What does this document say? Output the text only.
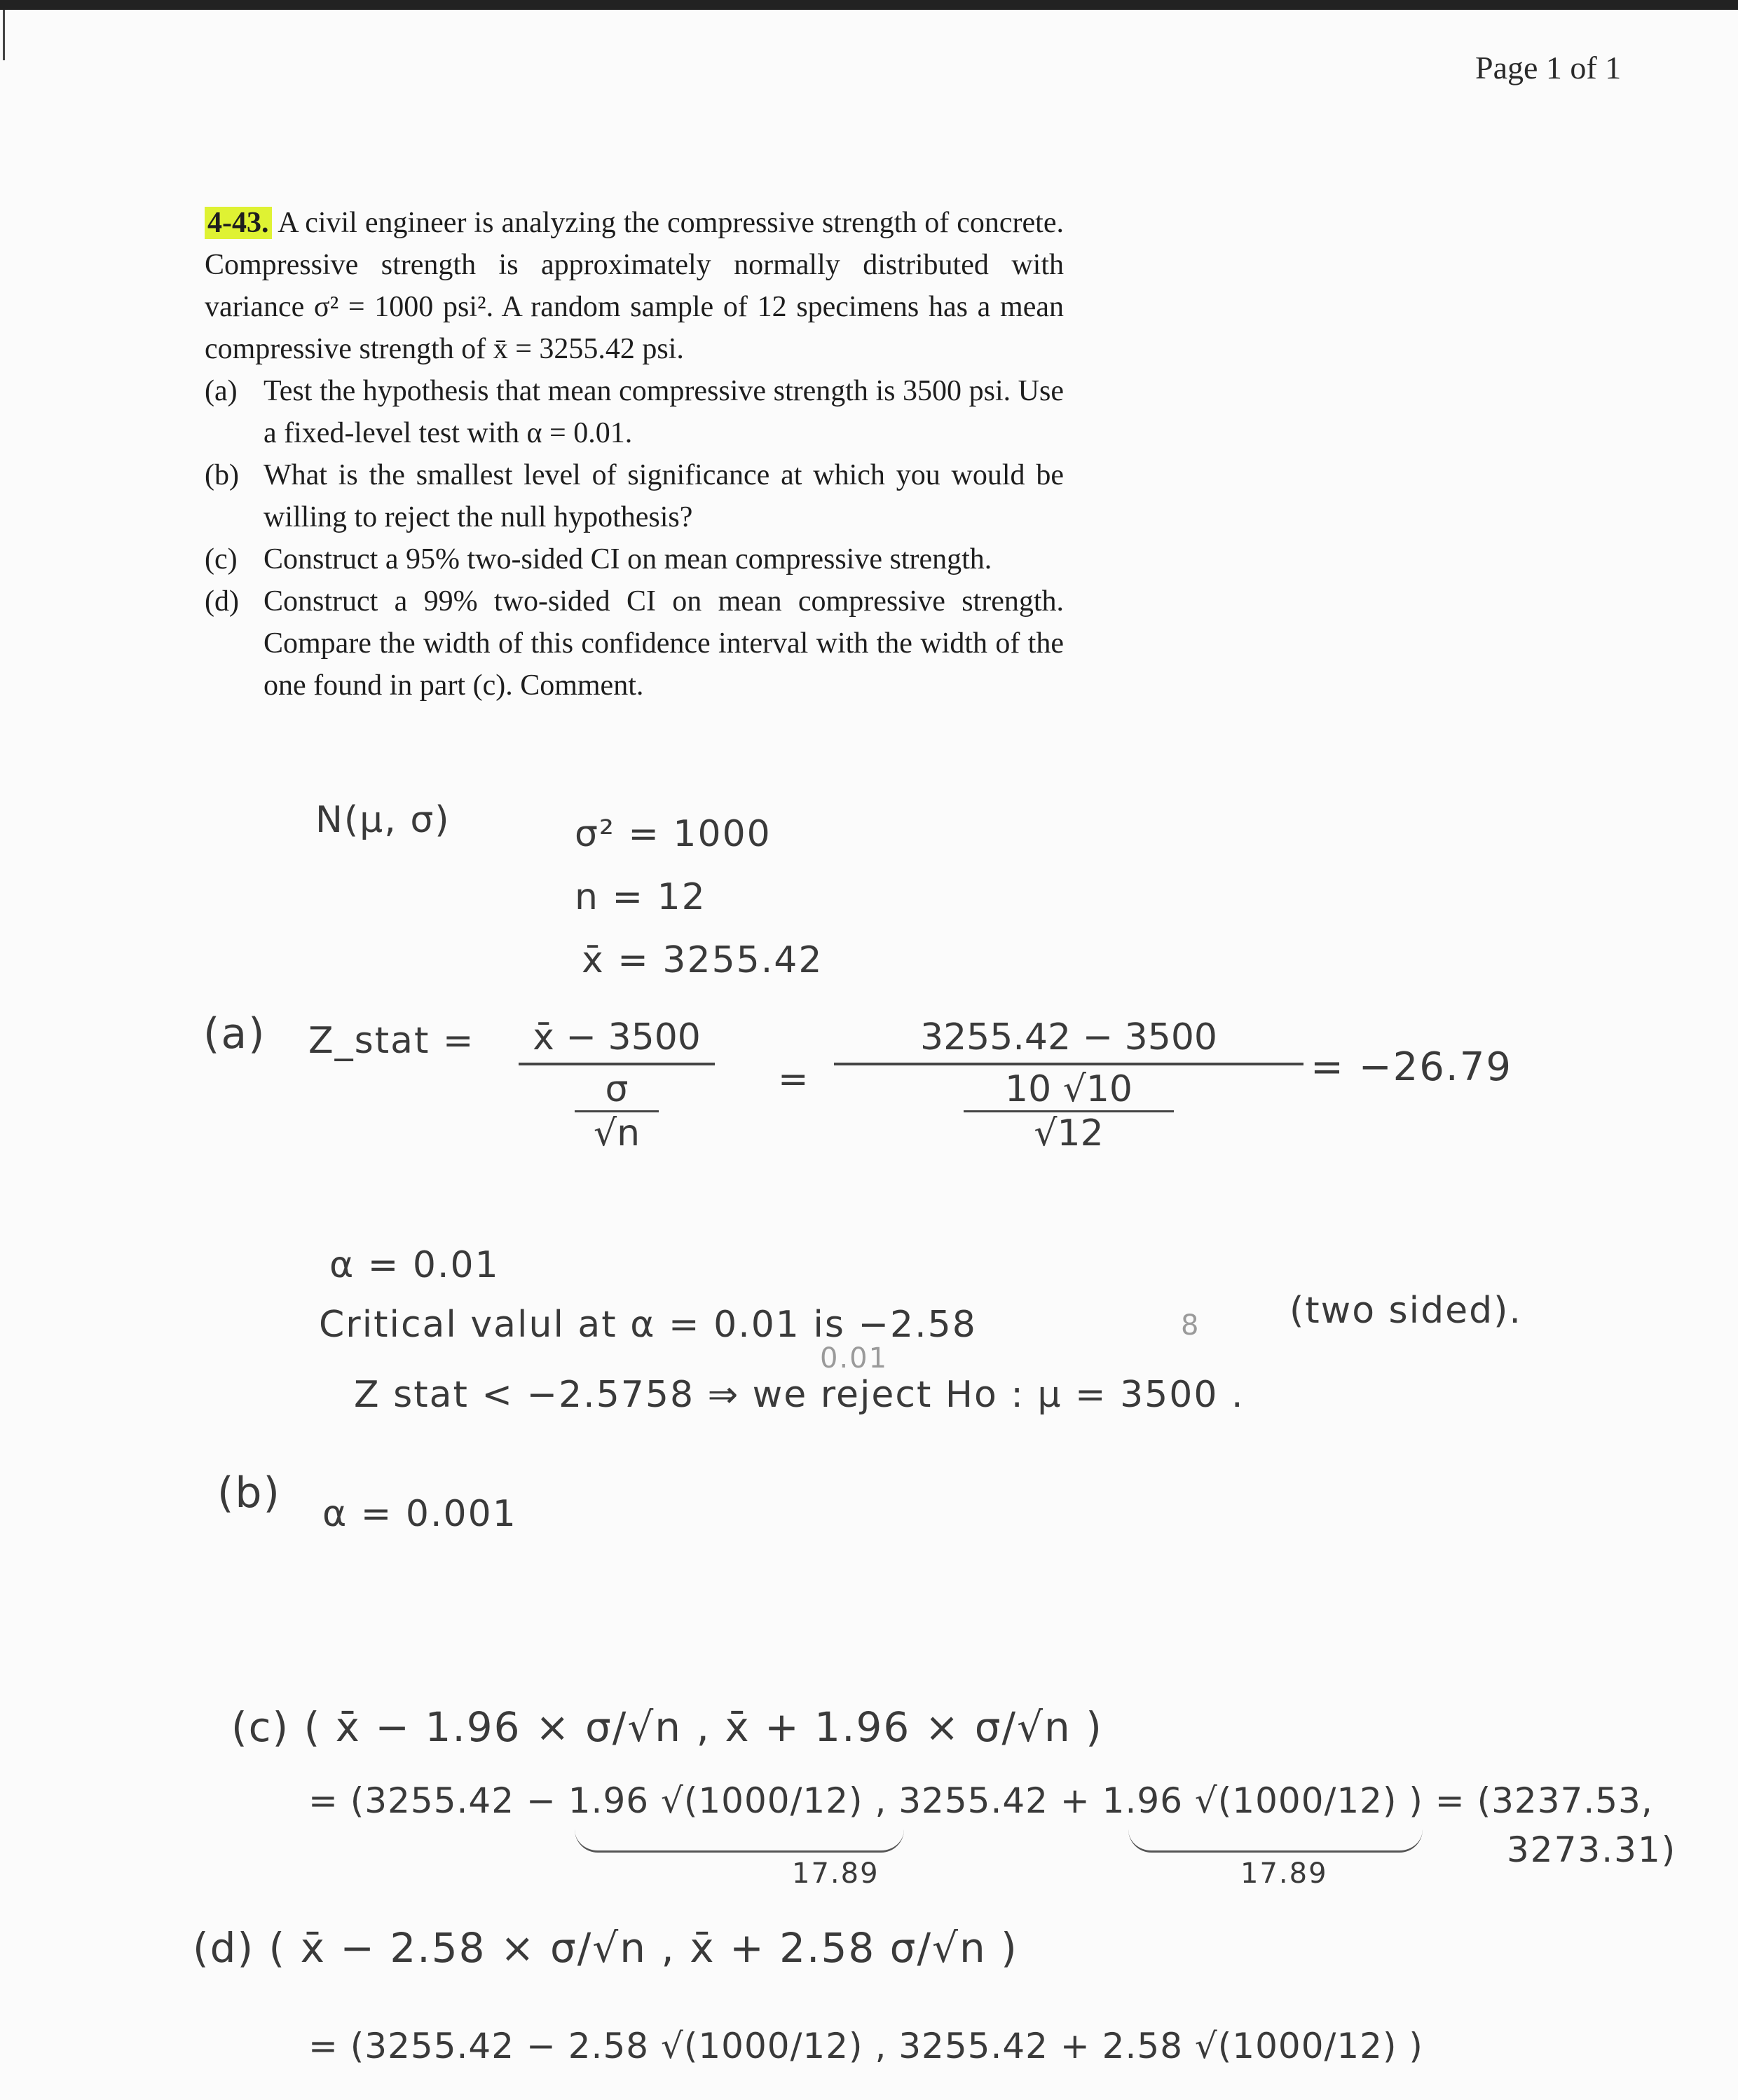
Page 1 of 1

4-43. A civil engineer is analyzing the compressive strength of concrete. Compressive strength is approximately normally distributed with variance σ² = 1000 psi². A random sample of 12 specimens has a mean compressive strength of x̄ = 3255.42 psi.

(a) Test the hypothesis that mean compressive strength is 3500 psi. Use a fixed-level test with α = 0.01.
(b) What is the smallest level of significance at which you would be willing to reject the null hypothesis?
(c) Construct a 95% two-sided CI on mean compressive strength.
(d) Construct a 99% two-sided CI on mean compressive strength. Compare the width of this confidence interval with the width of the one found in part (c). Comment.
N(μ, σ)	σ² = 1000
n = 12
x̄ = 3255.42
(a) Z_stat = x̄ − 3500
σ
√n = 3255.42 − 3500
10 √10
√12 = −26.79
α = 0.01
Critical valul at α = 0.01 is −2.58
0.01
8 (two sided).
Z stat < −2.5758 ⇒ we reject Ho : μ = 3500 .
(b) α = 0.001
(c) ( x̄ − 1.96 × σ/√n , x̄ + 1.96 × σ/√n )
= (3255.42 − 1.96 √(1000/12) , 3255.42 + 1.96 √(1000/12) ) = (3237.53,
3273.31)
17.89	17.89
(d) ( x̄ − 2.58 × σ/√n , x̄ + 2.58 σ/√n )
= (3255.42 − 2.58 √(1000/12) , 3255.42 + 2.58 √(1000/12) )
